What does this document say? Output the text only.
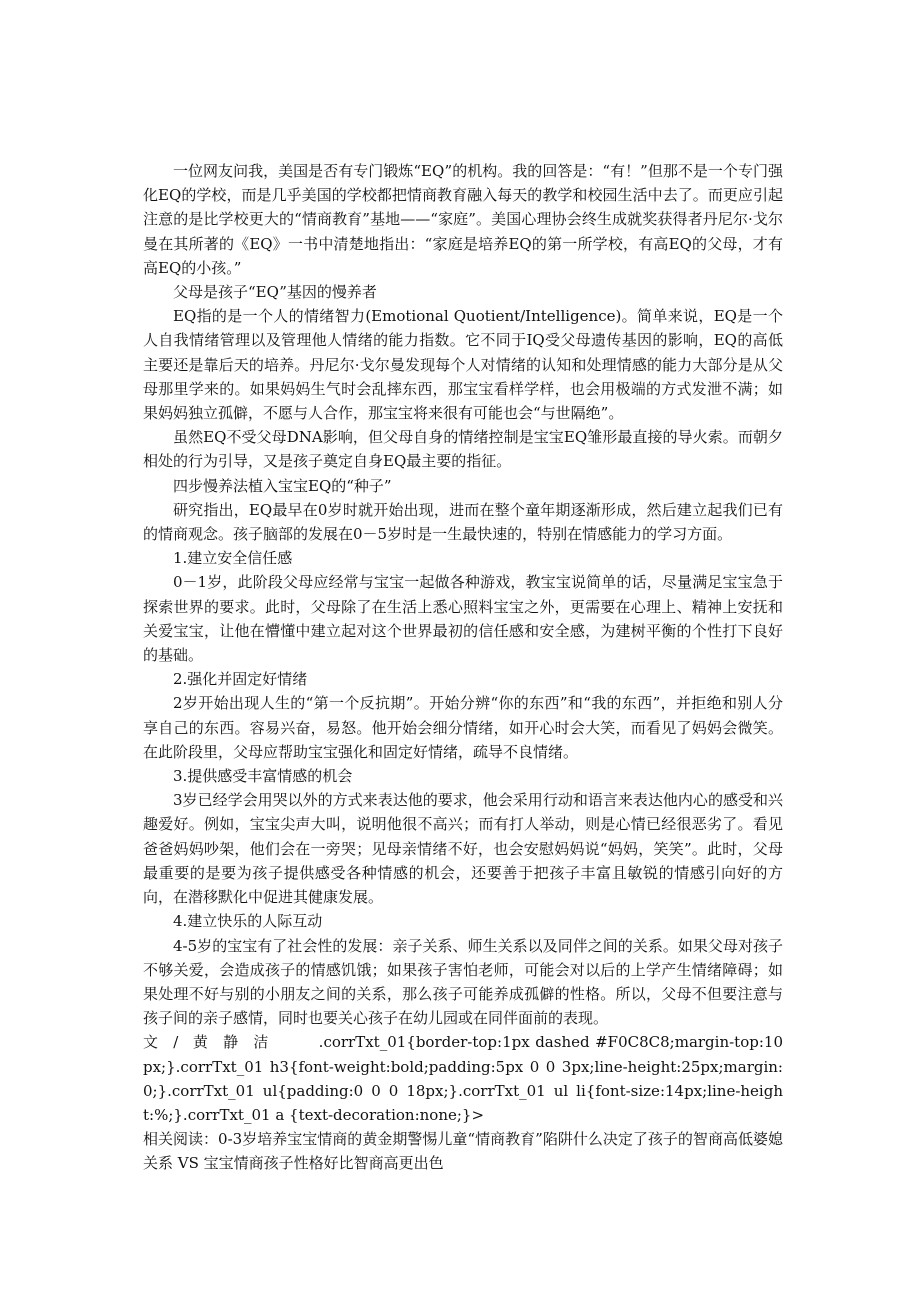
一位网友问我，美国是否有专门锻炼“EQ”的机构。我的回答是：“有！”但那不是一个专门强化EQ的学校，而是几乎美国的学校都把情商教育融入每天的教学和校园生活中去了。而更应引起注意的是比学校更大的“情商教育”基地——“家庭”。美国心理协会终生成就奖获得者丹尼尔·戈尔曼在其所著的《EQ》一书中清楚地指出：“家庭是培养EQ的第一所学校，有高EQ的父母，才有高EQ的小孩。”

父母是孩子“EQ”基因的慢养者

EQ指的是一个人的情绪智力(Emotional Quotient/Intelligence)。简单来说，EQ是一个人自我情绪管理以及管理他人情绪的能力指数。它不同于IQ受父母遗传基因的影响，EQ的高低主要还是靠后天的培养。丹尼尔·戈尔曼发现每个人对情绪的认知和处理情感的能力大部分是从父母那里学来的。如果妈妈生气时会乱摔东西，那宝宝看样学样，也会用极端的方式发泄不满；如果妈妈独立孤僻，不愿与人合作，那宝宝将来很有可能也会“与世隔绝”。

虽然EQ不受父母DNA影响，但父母自身的情绪控制是宝宝EQ雏形最直接的导火索。而朝夕相处的行为引导，又是孩子奠定自身EQ最主要的指征。

四步慢养法植入宝宝EQ的“种子”

研究指出，EQ最早在0岁时就开始出现，进而在整个童年期逐渐形成，然后建立起我们已有的情商观念。孩子脑部的发展在0－5岁时是一生最快速的，特别在情感能力的学习方面。

1.建立安全信任感

0－1岁，此阶段父母应经常与宝宝一起做各种游戏，教宝宝说简单的话，尽量满足宝宝急于探索世界的要求。此时，父母除了在生活上悉心照料宝宝之外，更需要在心理上、精神上安抚和关爱宝宝，让他在懵懂中建立起对这个世界最初的信任感和安全感，为建树平衡的个性打下良好的基础。

2.强化并固定好情绪

2岁开始出现人生的“第一个反抗期”。开始分辨“你的东西”和“我的东西”，并拒绝和别人分享自己的东西。容易兴奋，易怒。他开始会细分情绪，如开心时会大笑，而看见了妈妈会微笑。在此阶段里，父母应帮助宝宝强化和固定好情绪，疏导不良情绪。

3.提供感受丰富情感的机会

3岁已经学会用哭以外的方式来表达他的要求，他会采用行动和语言来表达他内心的感受和兴趣爱好。例如，宝宝尖声大叫，说明他很不高兴；而有打人举动，则是心情已经很恶劣了。看见爸爸妈妈吵架，他们会在一旁哭；见母亲情绪不好，也会安慰妈妈说“妈妈，笑笑”。此时，父母最重要的是要为孩子提供感受各种情感的机会，还要善于把孩子丰富且敏锐的情感引向好的方向，在潜移默化中促进其健康发展。

4.建立快乐的人际互动

4-5岁的宝宝有了社会性的发展：亲子关系、师生关系以及同伴之间的关系。如果父母对孩子不够关爱，会造成孩子的情感饥饿；如果孩子害怕老师，可能会对以后的上学产生情绪障碍；如果处理不好与别的小朋友之间的关系，那么孩子可能养成孤僻的性格。所以，父母不但要注意与孩子间的亲子感情，同时也要关心孩子在幼儿园或在同伴面前的表现。

文 / 黄 静 洁	.corrTxt_01{border-top:1px dashed #F0C8C8;margin-top:10px;}.corrTxt_01 h3{font-weight:bold;padding:5px 0 0 3px;line-height:25px;margin:0;}.corrTxt_01 ul{padding:0 0 0 18px;}.corrTxt_01 ul li{font-size:14px;line-height:%;}.corrTxt_01 a {text-decoration:none;}>

相关阅读：0-3岁培养宝宝情商的黄金期警惕儿童“情商教育”陷阱什么决定了孩子的智商高低婆媳关系 VS 宝宝情商孩子性格好比智商高更出色
